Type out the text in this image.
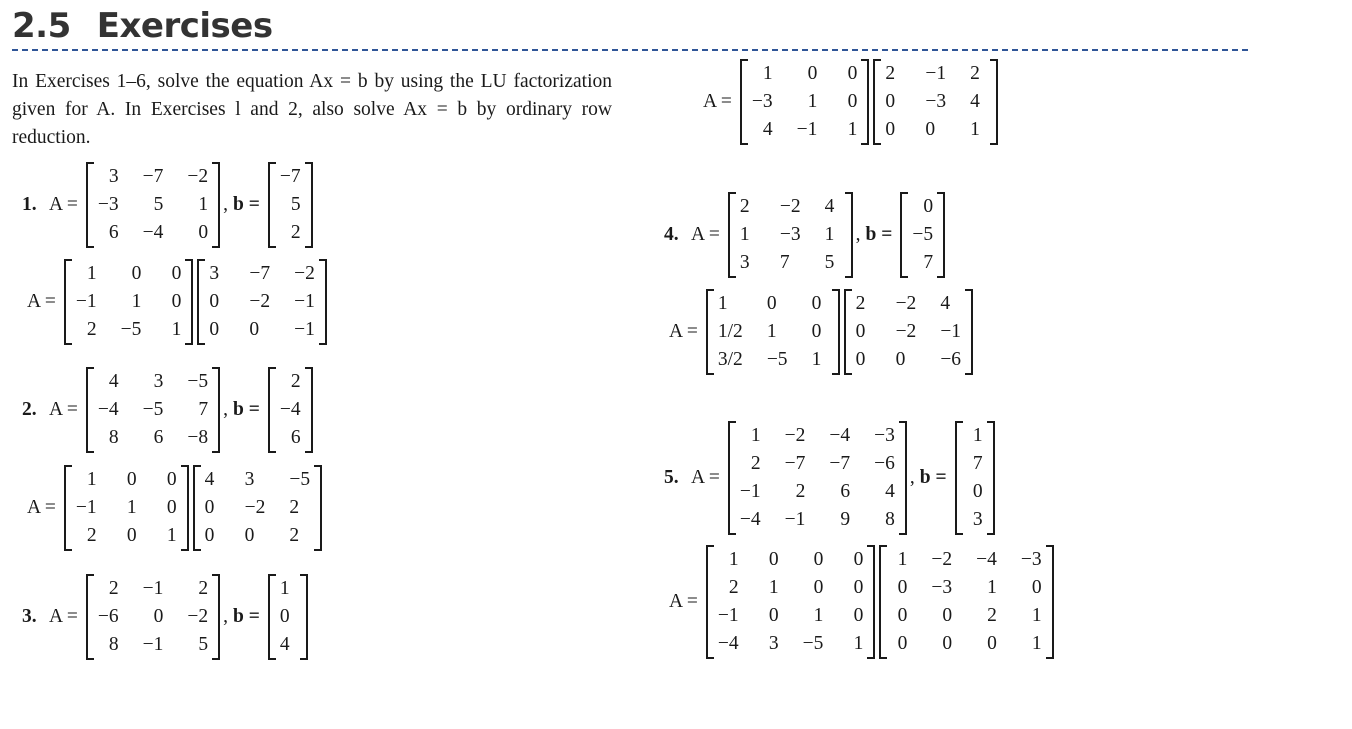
2.5 Exercises
In Exercises 1–6, solve the equation Ax = b by using the LU factorization given for A. In Exercises l and 2, also solve Ax = b by ordinary row reduction.
A =
1	0	0
−3	1	0
4 −1	1
2	−1 2
0	−3 4
0	0	1
1. A =
3 −7 −2
−3	5	1
6 −4	0
, b =
−7
5
2
A =
1	0	0
−1	1	0
2 −5	1
3	−7 −2
0	−2 −1
0	0	−1
2. A =
4	3 −5
−4 −5	7
8	6 −8
, b =
2
−4
6
A =
1	0	0
−1	1	0
2	0	1
4	3	−5
0	−2 2
0	0	2
3. A =
2 −1	2
−6	0 −2
8 −1	5
, b =
1
0
4
4. A =
2	−2 4
1	−3 1
3	7	5
, b =
0
−5
7
A =
1	0	0
1/2 1	0
3/2 −5 1
2	−2 4
0	−2 −1
0	0	−6
5. A =
1 −2 −4 −3
2 −7 −7 −6
−1	2	6	4
−4 −1	9	8
, b =
1
7
0
3
A =
1	0	0	0
2	1	0	0
−1	0	1	0
−4	3 −5	1
1 −2 −4 −3
0 −3	1	0
0	0	2	1
0	0	0	1
